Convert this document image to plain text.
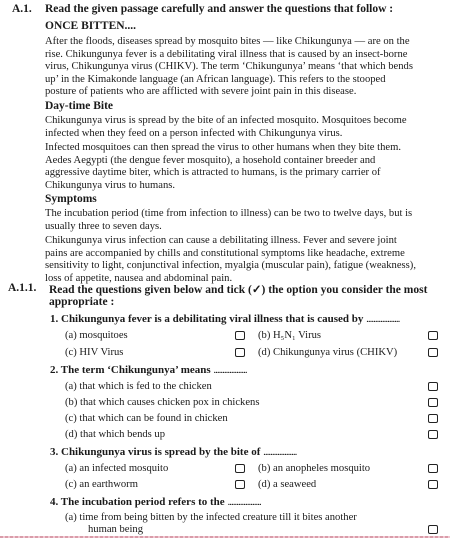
A.1. Read the given passage carefully and answer the questions that follow :
ONCE BITTEN....
After the floods, diseases spread by mosquito bites — like Chikungunya — are on the
rise. Chikungunya fever is a debilitating viral illness that is caused by an insect-borne
virus, Chikungunya virus (CHIKV). The term ‘Chikungunya’ means ‘that which bends
up’ in the Kimakonde language (an African language). This refers to the stooped
posture of patients who are afflicted with severe joint pain in this disease.
Day-time Bite
Chikungunya virus is spread by the bite of an infected mosquito. Mosquitoes become
infected when they feed on a person infected with Chikungunya virus.
Infected mosquitoes can then spread the virus to other humans when they bite them.
Aedes Aegypti (the dengue fever mosquito), a hosehold container breeder and
aggressive daytime biter, which is attracted to humans, is the primary carrier of
Chikungunya virus to humans.
Symptoms
The incubation period (time from infection to illness) can be two to twelve days, but is
usually three to seven days.
Chikungunya virus infection can cause a debilitating illness. Fever and severe joint
pains are accompanied by chills and constitutional symptoms like headache, extreme
sensitivity to light, conjunctival infection, myalgia (muscular pain), fatigue (weakness),
loss of appetite, nausea and abdominal pain.
A.1.1. Read the questions given below and tick (✓) the option you consider the most
appropriate :
1. Chikungunya fever is a debilitating viral illness that is caused by ...................
(a) mosquitoes	(b) H₅N₁ Virus
(c) HIV Virus	(d) Chikungunya virus (CHIKV)
2. The term ‘Chikungunya’ means ...................
(a) that which is fed to the chicken
(b) that which causes chicken pox in chickens
(c) that which can be found in chicken
(d) that which bends up
3. Chikungunya virus is spread by the bite of ...................
(a) an infected mosquito	(b) an anopheles mosquito
(c) an earthworm	(d) a seaweed
4. The incubation period refers to the ...................
(a) time from being bitten by the infected creature till it bites another
human being
